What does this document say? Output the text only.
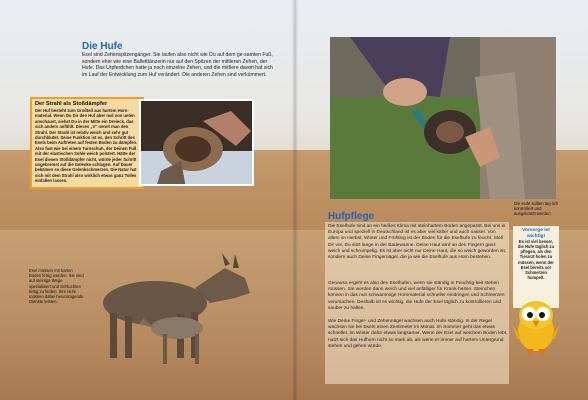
Die Hufe
Esel sind Zehenspitzengänger. Sie laufen also nicht wie Du auf dem ge-samten Fuß, sondern eher wie eine Balletttänzerin nur auf den Spitzen der mittleren Zehen, der Hufe. Das Urpferdchen hatte ja noch einzelne Zehen, und die mittlere davon hat sich im Lauf der Entwicklung zum Huf verändert. Die anderen Zehen sind verkümmert.
Der Strahl als Stoßdämpfer

Der Huf besteht zum Großteil aus hartem Horn-material. Wenn Du Dir den Huf aber mal von unten anschaust, siehst Du in der Mitte ein Dreieck, das sich anders anfühlt. Dieses „V“ nennt man den Strahl. Der Strahl ist relativ weich und sehr gut durchblutet. Seine Funktion ist es, den Schritt des Esels beim Auftreten auf festen Boden zu dämpfen. Also fast wie bei einem Turnschuh, der Deinen Fuß mit der elastischen Sohle weich polstert. Hätte der Esel diesen Stoßdämpfer nicht, würde jeder Schritt ungebremst auf die Gelenke schlagen. Auf Dauer bekämen so diese Gelenkschmerzen. Die Natur hat sich mit dem Strahl also wirklich etwas ganz Tolles einfallen lassen.

Esel müssen mit harten Boden fertig werden. Sie sind auf steinige Wege spezialisiert und Schluchten fertig zu finden. Ihre Hufe müssen dabei hervorragende Dienste leisten.
Die Hufe sollten täg-lich kontrolliert und ausgekratzt werden
Hufpflege
Die Eselhufe sind an ein heißes Klima mit steinhartem Boden angepasst. Bei uns in Europa und speziell in Deutschland ist es aber viel kälter und auch nasser. Von allem im Herbst, Winter und Frühling ist der Boden für die Eselhufe zu feucht. Stell Dir vor, Du sitzt lange in der Badewanne. Deine Haut wird an den Fingern ganz weich und schrumpelig. Es ist aber nicht nur Deine Haut, die so weich geworden ist, sondern auch Deine Fingernägel, die ja wie die Eselhufe aus Horn bestehen.
Genauso ergeht es also den Eselhufen, wenn sie ständig in Feuchtig-keit stehen müssen. Sie werden dann weich und viel anfälliger für Krank-heiten. Steinchen können in das nun schwammige Hornmaterial schneller eindringen und Schmerzen verursachen. Deshalb ist es wichtig, die Hufe der Esel täglich zu kontrollieren und sauber zu halten.
Wie Deine Finger- und Zehennägel wachsen auch Hufe ständig. In der Regel wachsen sie bei Eseln einen Zentimeter im Monat. Im Sommer geht das etwas schneller, im Winter dafür etwas langsamer. Wenn der Esel auf weichem Boden lebt, nutzt sich das Hufhorn nicht so stark ab, als wenn er immer auf hartem Untergrund stehen und gehen würde.
Vorsorge ist wichtig!

Es ist viel besser, die Hufe täglich zu pflegen, als den Tierarzt holen zu müssen, wenn der Esel bereits vor Schmerzen humpelt.
